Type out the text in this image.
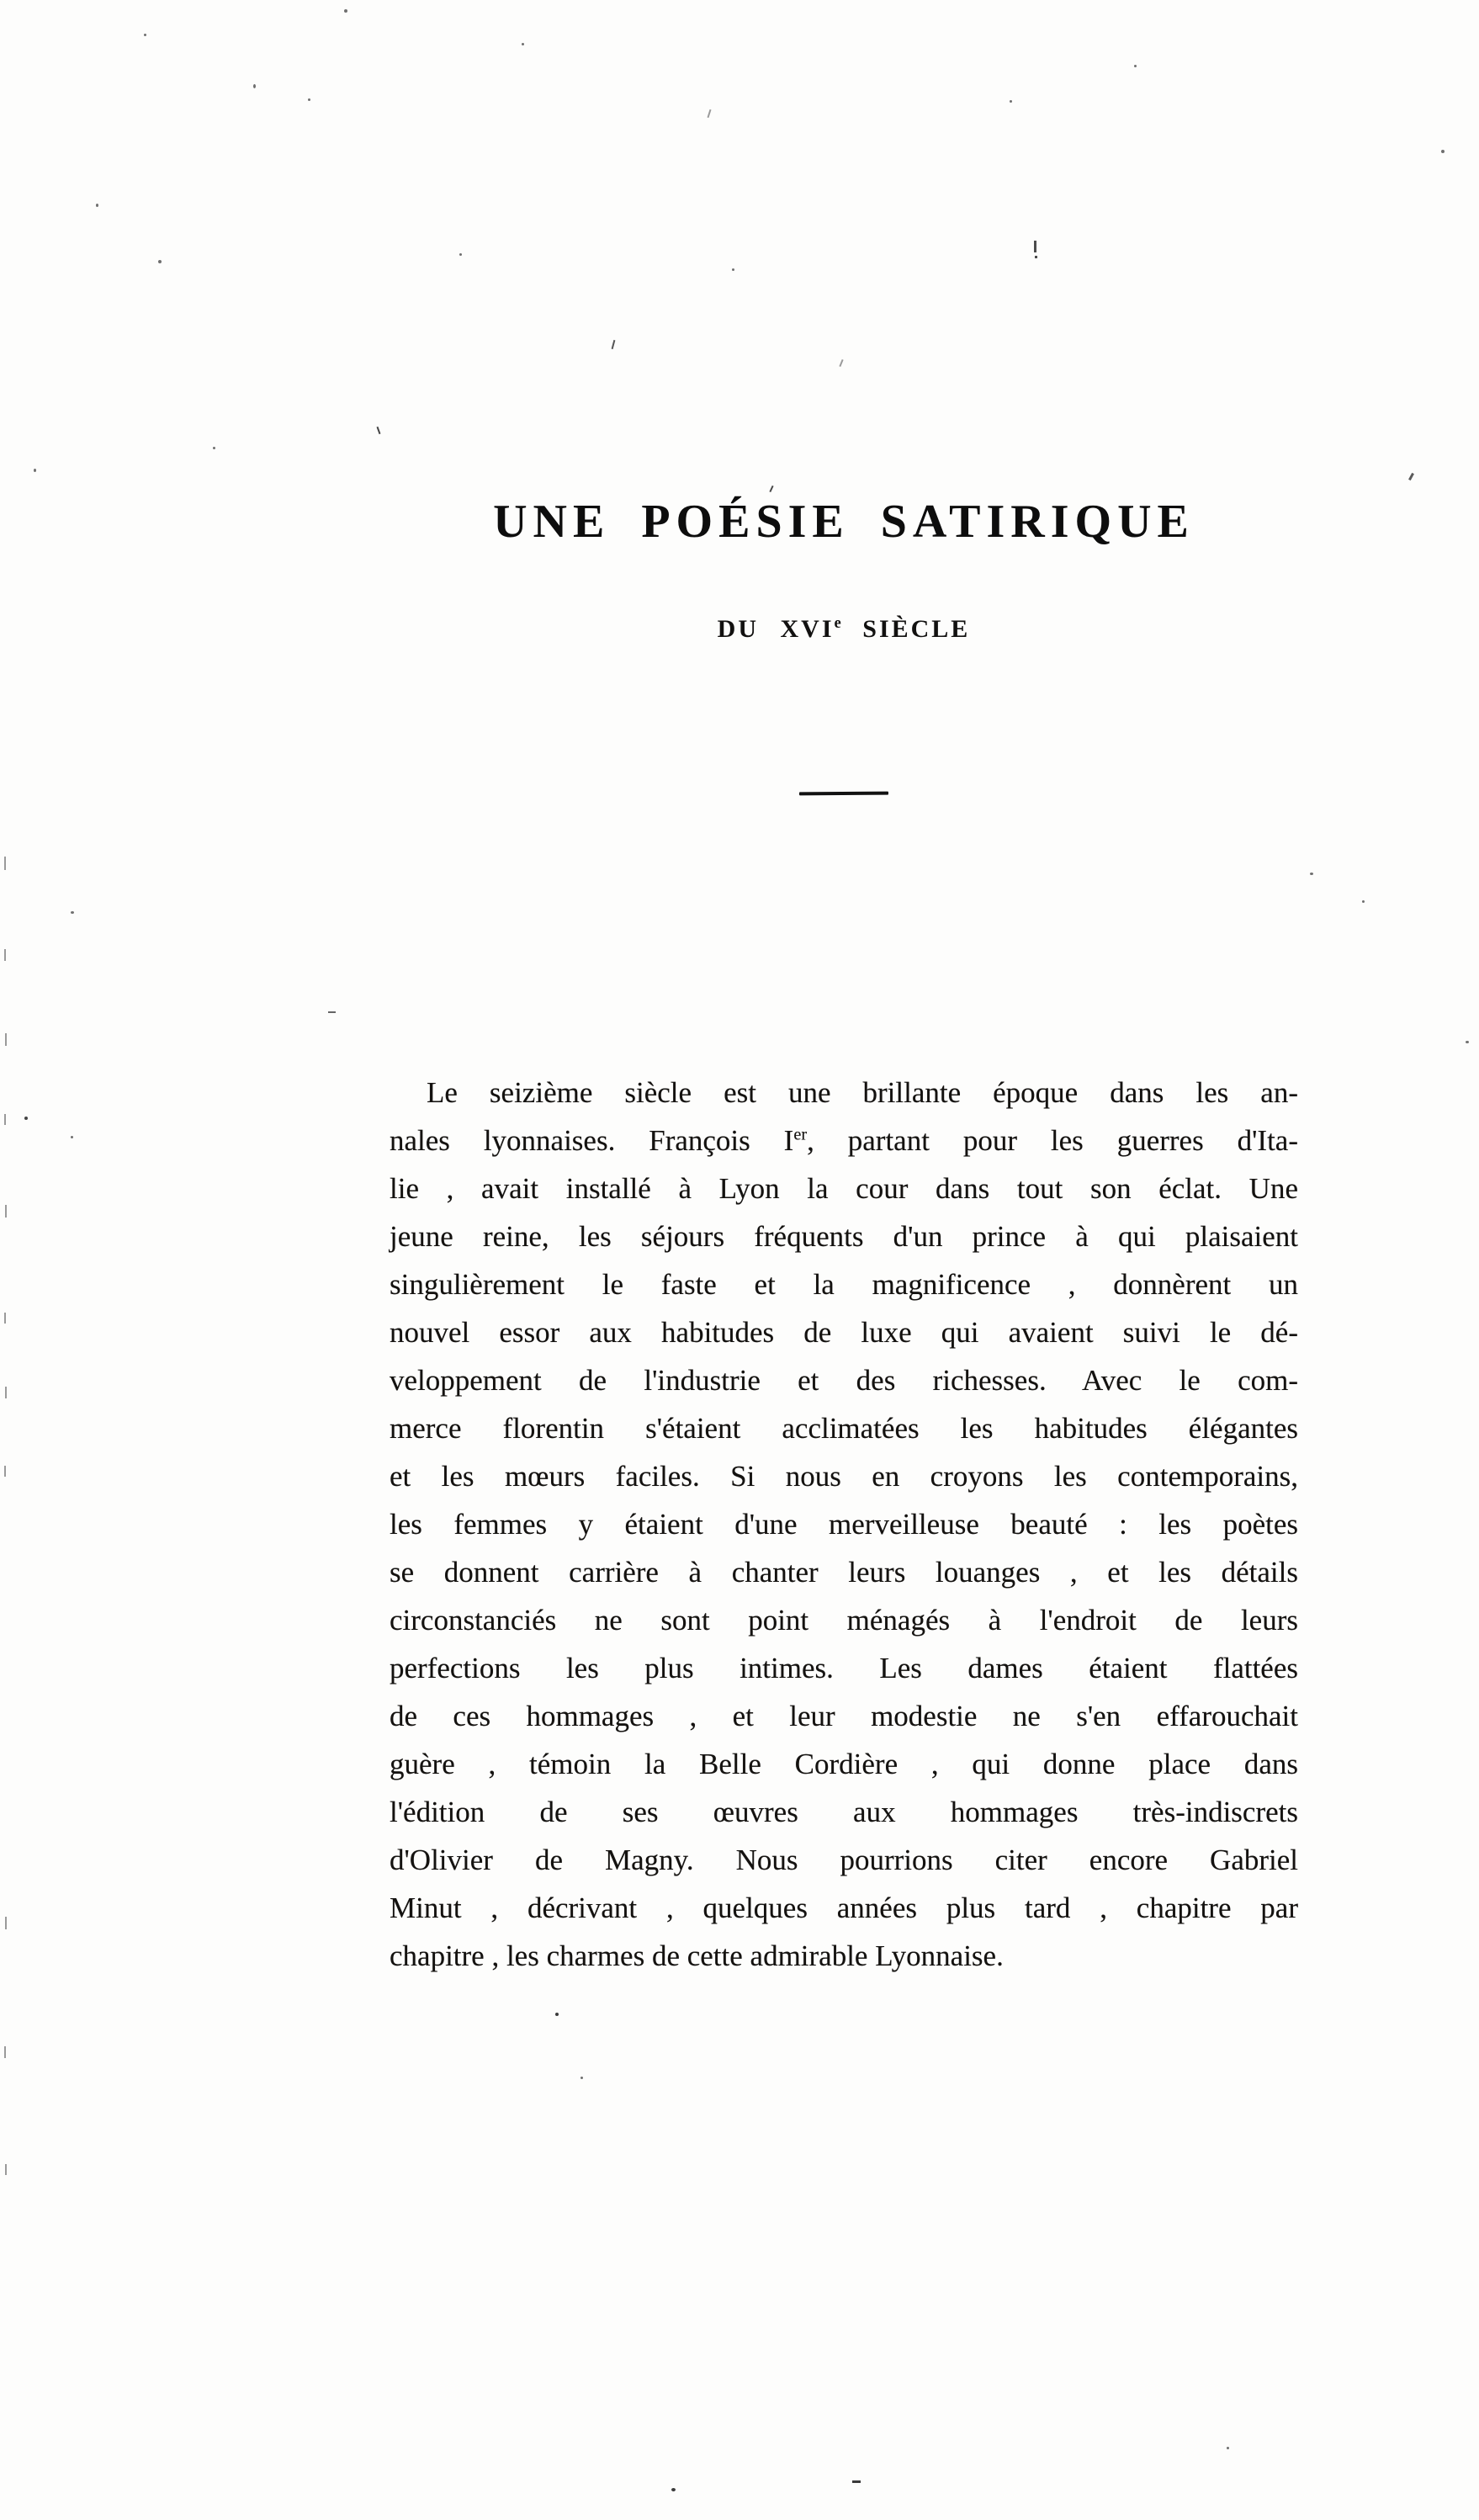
UNE POÉSIE SATIRIQUE
DU XVIe SIÈCLE
Le seizième siècle est une brillante époque dans les an-
nales lyonnaises. François Ier, partant pour les guerres d'Ita-
lie , avait installé à Lyon la cour dans tout son éclat. Une
jeune reine, les séjours fréquents d'un prince à qui plaisaient
singulièrement le faste et la magnificence , donnèrent un
nouvel essor aux habitudes de luxe qui avaient suivi le dé-
veloppement de l'industrie et des richesses. Avec le com-
merce florentin s'étaient acclimatées les habitudes élégantes
et les mœurs faciles. Si nous en croyons les contemporains,
les femmes y étaient d'une merveilleuse beauté : les poètes
se donnent carrière à chanter leurs louanges , et les détails
circonstanciés ne sont point ménagés à l'endroit de leurs
perfections les plus intimes. Les dames étaient flattées
de ces hommages , et leur modestie ne s'en effarouchait
guère , témoin la Belle Cordière , qui donne place dans
l'édition de ses œuvres aux hommages très-indiscrets
d'Olivier de Magny. Nous pourrions citer encore Gabriel
Minut , décrivant , quelques années plus tard , chapitre par
chapitre , les charmes de cette admirable Lyonnaise.
